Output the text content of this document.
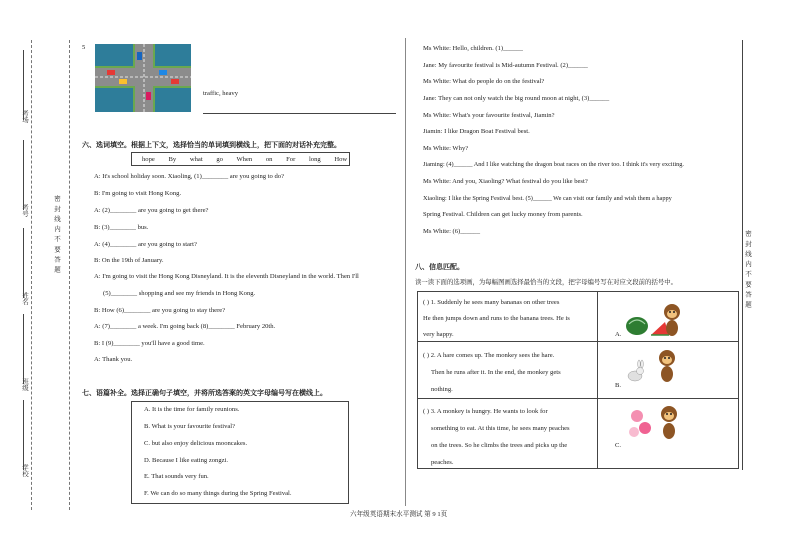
考场
考号
姓名
班级
学校
密 封 线 内 不 要 答 题	密 封 线 内 不 要 答 题
5
traffic, heavy
六、选词填空。根据上下文，选择恰当的单词填到横线上，把下面的对话补充完整。
hope By what go When on For long How
A: It's school holiday soon. Xiaoling, (1)________ are you going to do?
B: I'm going to visit Hong Kong.
A: (2)________ are you going to get there?
B: (3)________ bus.
A: (4)________ are you going to start?
B: On the 19th of January.
A: I'm going to visit the Hong Kong Disneyland. It is the eleventh Disneyland in the world. Then I'll
(5)________ shopping and see my friends in Hong Kong.
B: How (6)________ are you going to stay there?
A: (7)________ a week. I'm going back (8)________ February 20th.
B: I (9)________ you'll have a good time.
A: Thank you.
七、语篇补全。选择正确句子填空，并将所选答案的英文字母编号写在横线上。
A. It is the time for family reunions.
B. What is your favourite festival?
C. but also enjoy delicious mooncakes.
D. Because I like eating zongzi.
E. That sounds very fun.
F. We can do so many things during the Spring Festival.
Ms White: Hello, children. (1)______
Jane: My favourite festival is Mid-autumn Festival. (2)______
Ms White: What do people do on the festival?
Jane: They can not only watch the big round moon at night, (3)______
Ms White: What's your favourite festival, Jiamin?
Jiamin: I like Dragon Boat Festival best.
Ms White: Why?
Jiaming: (4)______ And I like watching the dragon boat races on the river too. I think it's very exciting.
Ms White: And you, Xiaoling? What festival do you like best?
Xiaoling: I like the Spring Festival best. (5)______ We can visit our family and wish them a happy
Spring Festival. Children can get lucky money from parents.
Ms White: (6)______
八、信息匹配。
读一读下面的选项画，为每幅图画选择最恰当的文段，把字母编号写在对应文段前的括号中。
( ) 1. Suddenly he sees many bananas on other trees
He then jumps down and runs to the banana trees. He is
very happy.	A.
( ) 2. A hare comes up. The monkey sees the hare.
Then he runs after it. In the end, the monkey gets
nothing.
B.
( ) 3. A monkey is hungry. He wants to look for
something to eat. At this time, he sees many peaches
on the trees. So he climbs the trees and picks up the
peaches.
C.
六年级英语期末水平测试 第 9 1页
